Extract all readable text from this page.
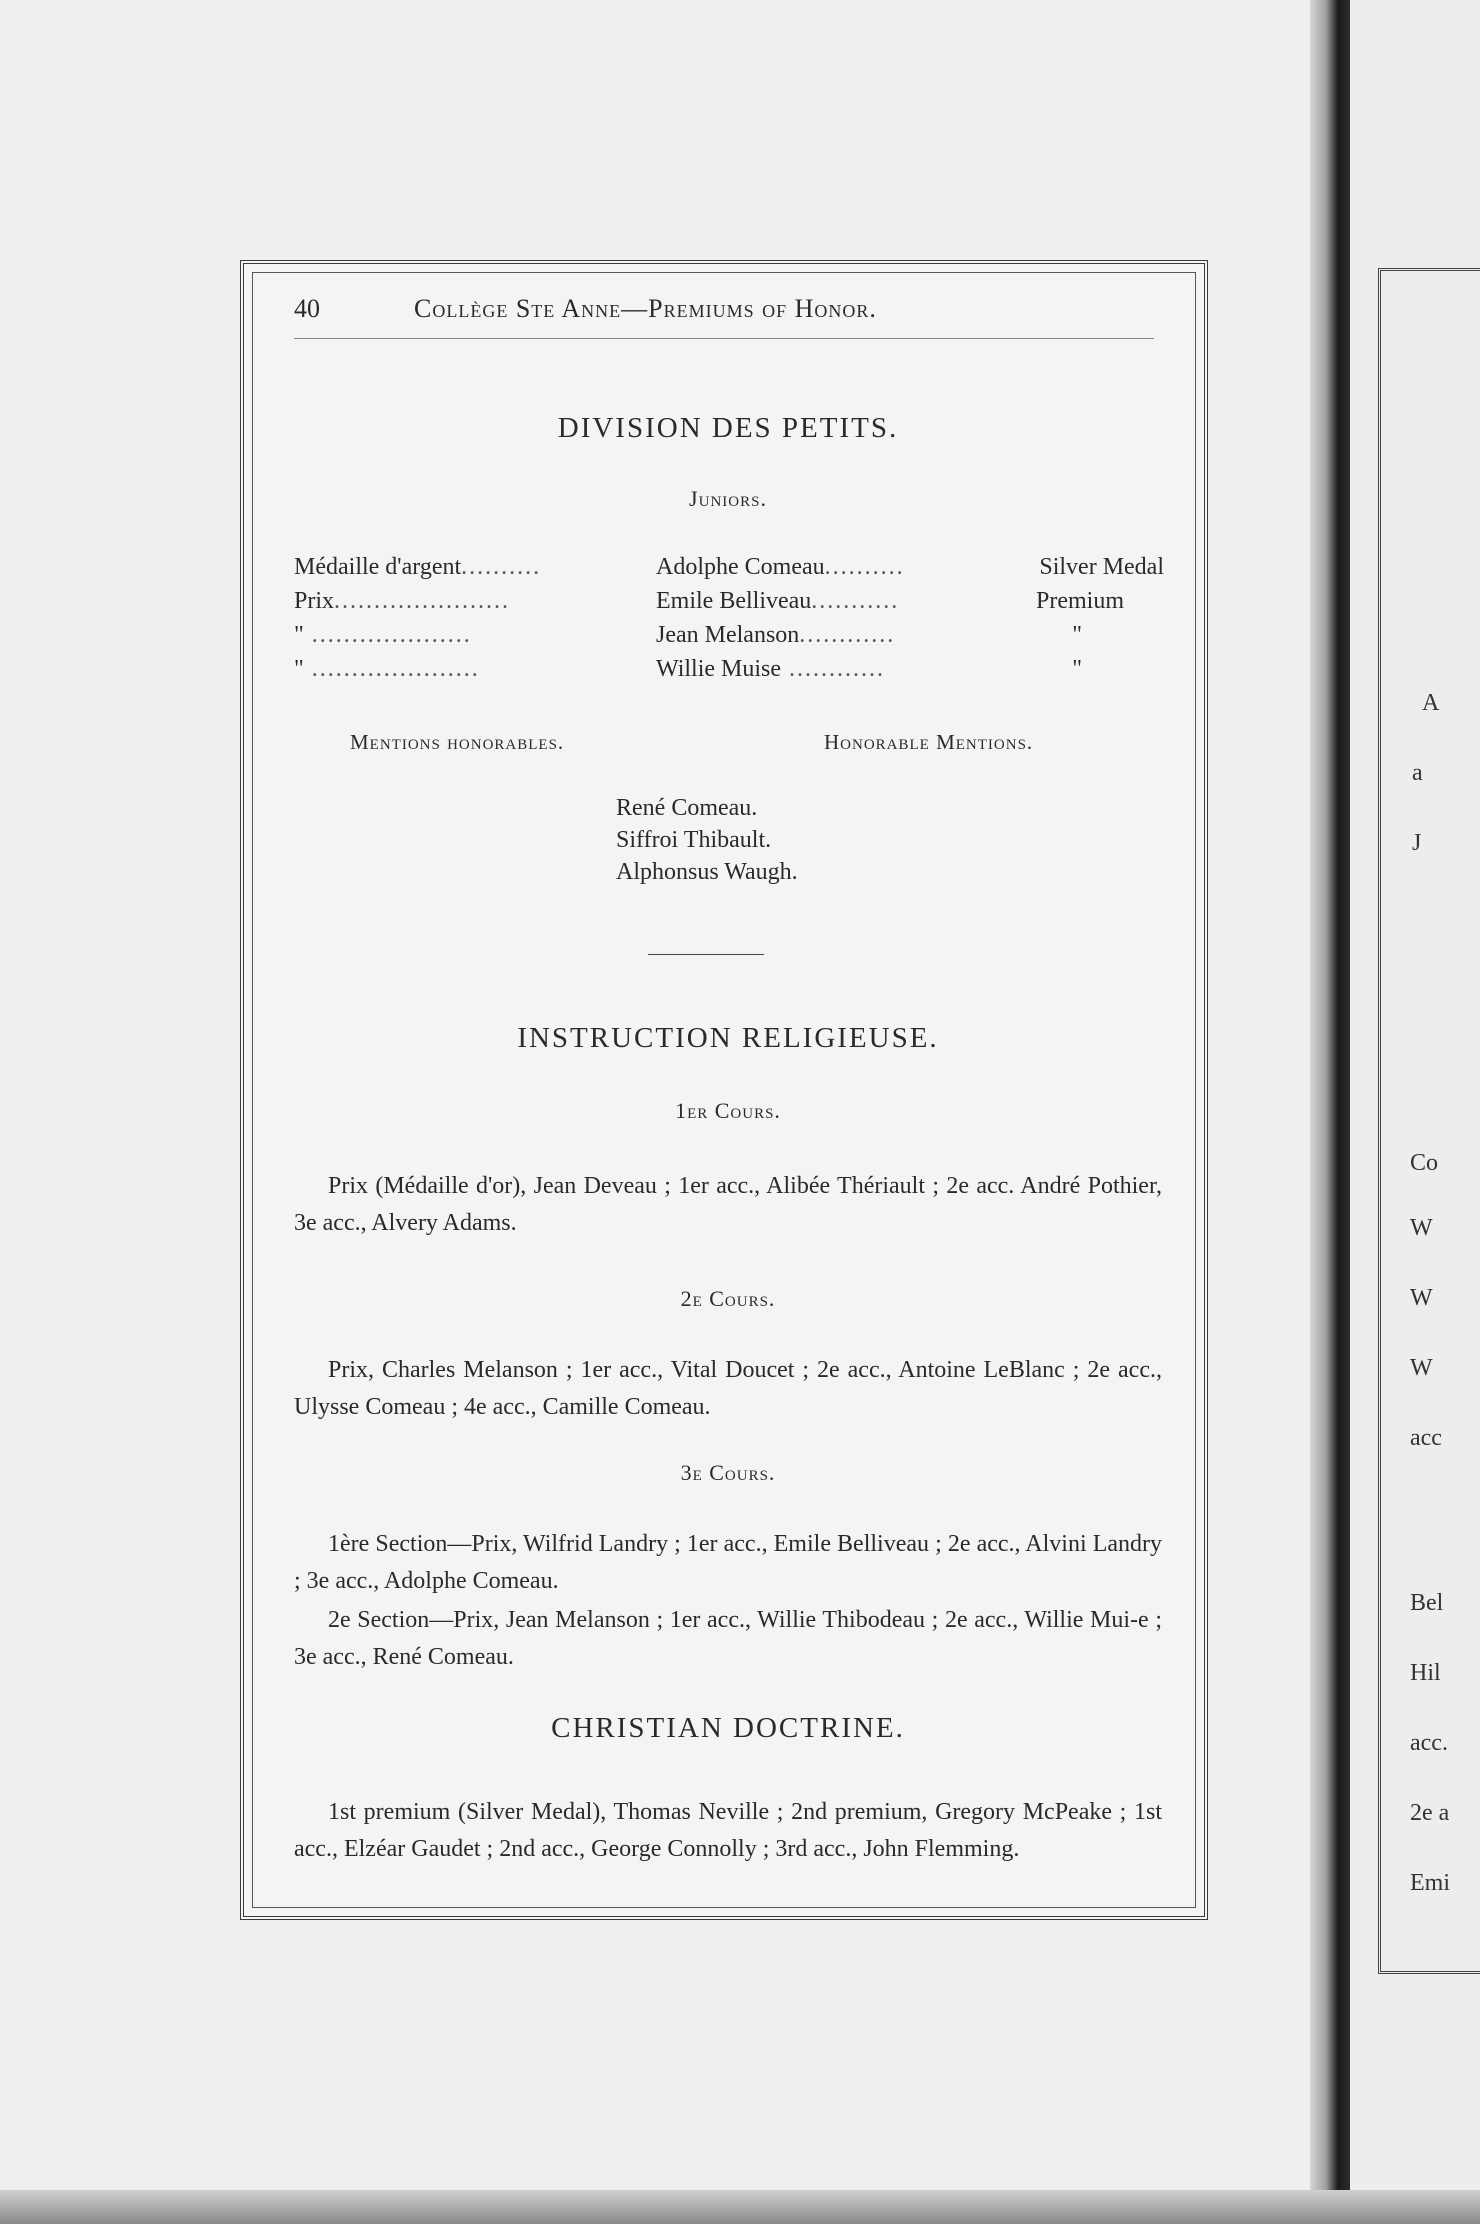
A
a
J
Co
W
W
W
acc
Bel
Hil
acc.
2e a
Emi
40	Collège Ste Anne—Premiums of Honor.
DIVISION DES PETITS.
Juniors.
Médaille d'argent..........	Adolphe Comeau..........	Silver Medal
Prix......................	Emile Belliveau...........	Premium
" ....................	Jean Melanson............	"
" .....................	Willie Muise ............	"
Mentions honorables.	Honorable Mentions.
René Comeau.
Siffroi Thibault.
Alphonsus Waugh.
INSTRUCTION RELIGIEUSE.
1er Cours.
Prix (Médaille d'or), Jean Deveau ; 1er acc., Alibée Thériault ; 2e acc. André Pothier, 3e acc., Alvery Adams.
2e Cours.
Prix, Charles Melanson ; 1er acc., Vital Doucet ; 2e acc., Antoine LeBlanc ; 2e acc., Ulysse Comeau ; 4e acc., Camille Comeau.
3e Cours.
1ère Section—Prix, Wilfrid Landry ; 1er acc., Emile Belliveau ; 2e acc., Alvini Landry ; 3e acc., Adolphe Comeau.
2e Section—Prix, Jean Melanson ; 1er acc., Willie Thibodeau ; 2e acc., Willie Mui-e ; 3e acc., René Comeau.
CHRISTIAN DOCTRINE.
1st premium (Silver Medal), Thomas Neville ; 2nd premium, Gregory McPeake ; 1st acc., Elzéar Gaudet ; 2nd acc., George Connolly ; 3rd acc., John Flemming.
